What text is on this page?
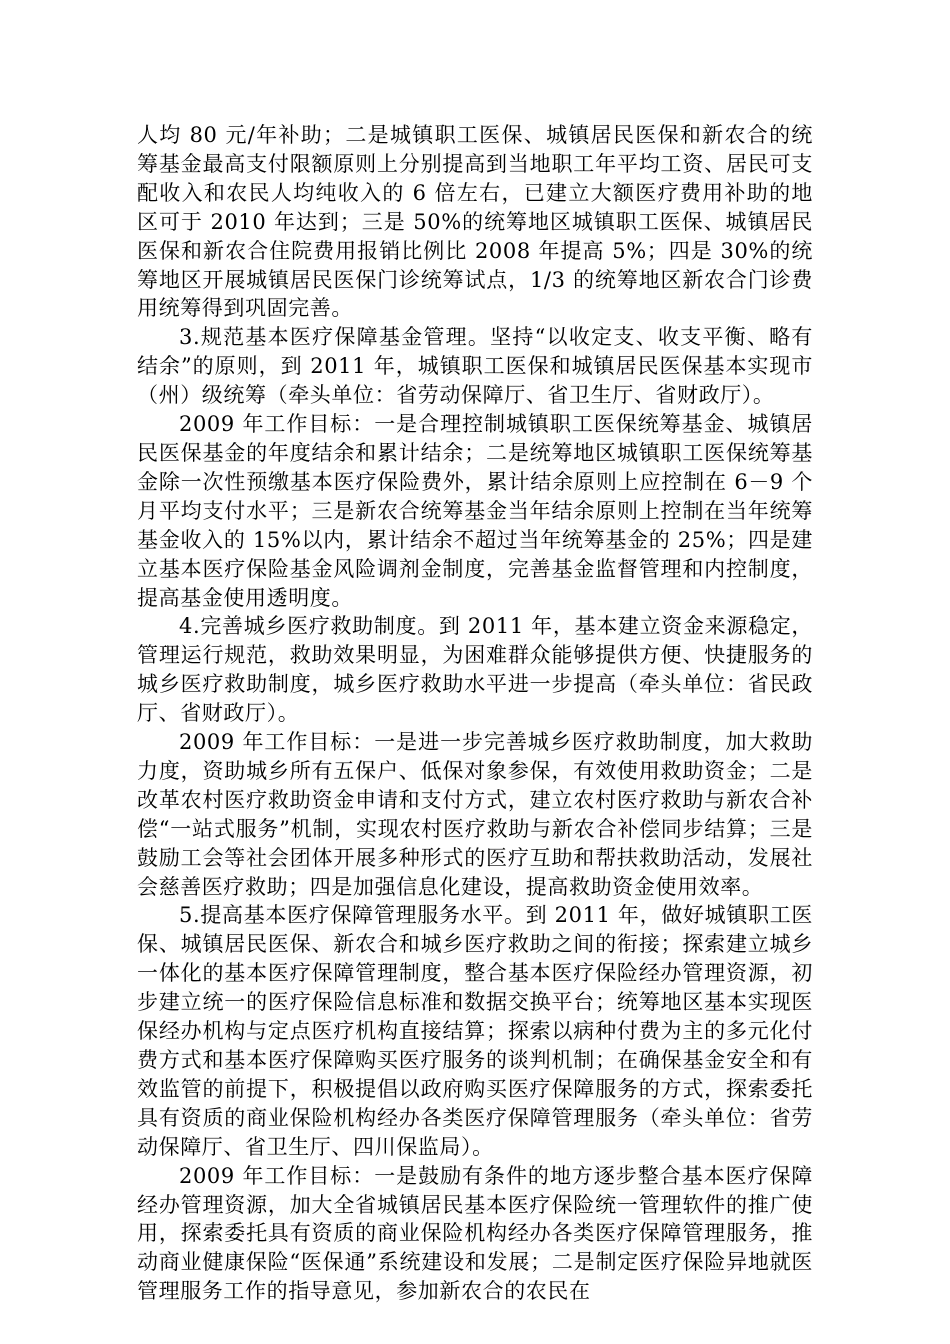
人均 80 元/年补助；二是城镇职工医保、城镇居民医保和新农合的统筹基金最高支付限额原则上分别提高到当地职工年平均工资、居民可支配收入和农民人均纯收入的 6 倍左右，已建立大额医疗费用补助的地区可于 2010 年达到；三是 50%的统筹地区城镇职工医保、城镇居民医保和新农合住院费用报销比例比 2008 年提高 5%；四是 30%的统筹地区开展城镇居民医保门诊统筹试点，1/3 的统筹地区新农合门诊费用统筹得到巩固完善。

3.规范基本医疗保障基金管理。坚持“以收定支、收支平衡、略有结余”的原则，到 2011 年，城镇职工医保和城镇居民医保基本实现市（州）级统筹（牵头单位：省劳动保障厅、省卫生厅、省财政厅）。

2009 年工作目标：一是合理控制城镇职工医保统筹基金、城镇居民医保基金的年度结余和累计结余；二是统筹地区城镇职工医保统筹基金除一次性预缴基本医疗保险费外，累计结余原则上应控制在 6－9 个月平均支付水平；三是新农合统筹基金当年结余原则上控制在当年统筹基金收入的 15%以内，累计结余不超过当年统筹基金的 25%；四是建立基本医疗保险基金风险调剂金制度，完善基金监督管理和内控制度，提高基金使用透明度。

4.完善城乡医疗救助制度。到 2011 年，基本建立资金来源稳定，管理运行规范，救助效果明显，为困难群众能够提供方便、快捷服务的城乡医疗救助制度，城乡医疗救助水平进一步提高（牵头单位：省民政厅、省财政厅）。

2009 年工作目标：一是进一步完善城乡医疗救助制度，加大救助力度，资助城乡所有五保户、低保对象参保，有效使用救助资金；二是改革农村医疗救助资金申请和支付方式，建立农村医疗救助与新农合补偿“一站式服务”机制，实现农村医疗救助与新农合补偿同步结算；三是鼓励工会等社会团体开展多种形式的医疗互助和帮扶救助活动，发展社会慈善医疗救助；四是加强信息化建设，提高救助资金使用效率。

5.提高基本医疗保障管理服务水平。到 2011 年，做好城镇职工医保、城镇居民医保、新农合和城乡医疗救助之间的衔接；探索建立城乡一体化的基本医疗保障管理制度，整合基本医疗保险经办管理资源，初步建立统一的医疗保险信息标准和数据交换平台；统筹地区基本实现医保经办机构与定点医疗机构直接结算；探索以病种付费为主的多元化付费方式和基本医疗保障购买医疗服务的谈判机制；在确保基金安全和有效监管的前提下，积极提倡以政府购买医疗保障服务的方式，探索委托具有资质的商业保险机构经办各类医疗保障管理服务（牵头单位：省劳动保障厅、省卫生厅、四川保监局）。

2009 年工作目标：一是鼓励有条件的地方逐步整合基本医疗保障经办管理资源，加大全省城镇居民基本医疗保险统一管理软件的推广使用，探索委托具有资质的商业保险机构经办各类医疗保障管理服务，推动商业健康保险“医保通”系统建设和发展；二是制定医疗保险异地就医管理服务工作的指导意见，参加新农合的农民在
